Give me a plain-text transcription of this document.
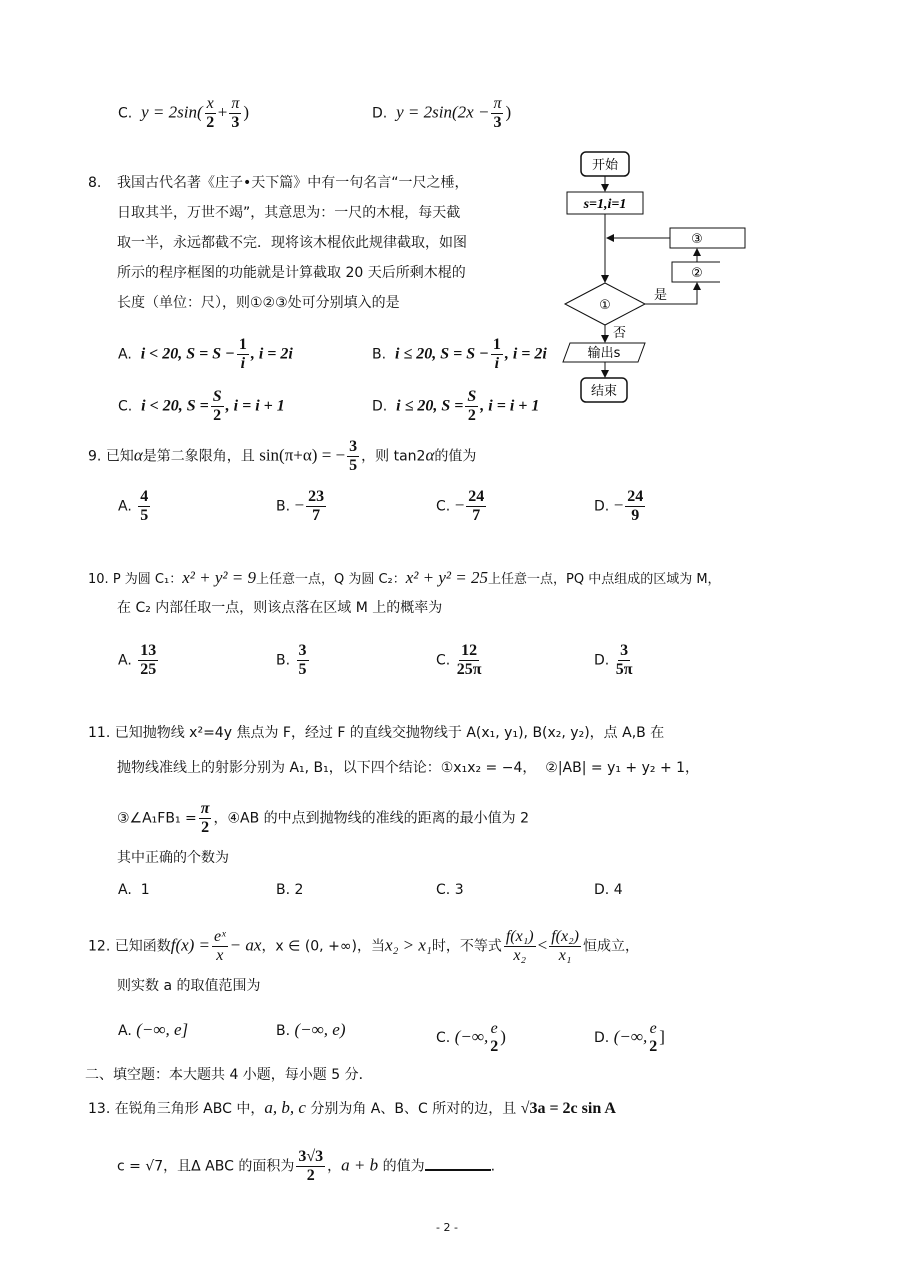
C. $y = 2\sin( \frac{x}{2} + \frac{\pi}{3}$ )	D. $y = 2\sin(2x - \frac{\pi}{3}$ )
8. 我国古代名著《庄子•天下篇》中有一句名言“一尺之棰，
日取其半，万世不竭”，其意思为：一尺的木棍，每天截
取一半，永远都截不完．现将该木棍依此规律截取，如图
所示的程序框图的功能就是计算截取 20 天后所剩木棍的
长度（单位：尺），则①②③处可分别填入的是
A. i < 20, $S = S - \frac{1}{i}$ , i = 2i	B. i ≤ 20, $S = S - \frac{1}{i}$ , i = 2i
C. i < 20, $S = \frac{S}{2}$ , i = i + 1	D. i ≤ 20, $S = \frac{S}{2}$ , i = i + 1
开始
s=1,i=1
③
②
①
是
否
输出s
结束
9. 已知α是第二象限角，且 sin(π+α) = − $\frac{3}{5}$ ，则 tan2α的值为
A. $\frac{4}{5}$	B. − $\frac{23}{7}$	C. − $\frac{24}{7}$	D. − $\frac{24}{9}$
10. P 为圆 C₁：x² + y² = 9上任意一点，Q 为圆 C₂：x² + y² = 25上任意一点，PQ 中点组成的区域为 M，
在 C₂ 内部任取一点，则该点落在区域 M 上的概率为
A. $\frac{13}{25}$	B. $\frac{3}{5}$	C. $\frac{12}{25\pi}$	D. $\frac{3}{5\pi}$
11. 已知抛物线 x²=4y 焦点为 F，经过 F 的直线交抛物线于 A(x₁, y₁), B(x₂, y₂)，点 A,B 在
抛物线准线上的射影分别为 A₁, B₁，以下四个结论：①x₁x₂ = −4， ②|AB| = y₁ + y₂ + 1，
③∠A₁FB₁ = $\frac{\pi}{2}$ ，④AB 的中点到抛物线的准线的距离的最小值为 2
其中正确的个数为
A. 1	B. 2	C. 3	D. 4
12. 已知函数$f(x) = \frac{\text{eˣ}}{x}$ − ax，x ∈ (0, +∞)，当x₂ > x₁时，不等式 $\frac{\text{f(x₁)}}{\text{x₂}} < \frac{\text{f(x₂)}}{\text{x₁}}$ 恒成立，
则实数 a 的取值范围为
A. (−∞, e]	B. (−∞, e)	C. (−∞, e
2
)	D. (−∞, e
2
]
二、填空题：本大题共 4 小题，每小题 5 分．
13. 在锐角三角形 ABC 中，a, b, c 分别为角 A、B、C 所对的边，且 √3a = 2c sin A
c = √7，且Δ ABC 的面积为 $\frac{3√3}{2}$ ，a + b 的值为	.
- 2 -
